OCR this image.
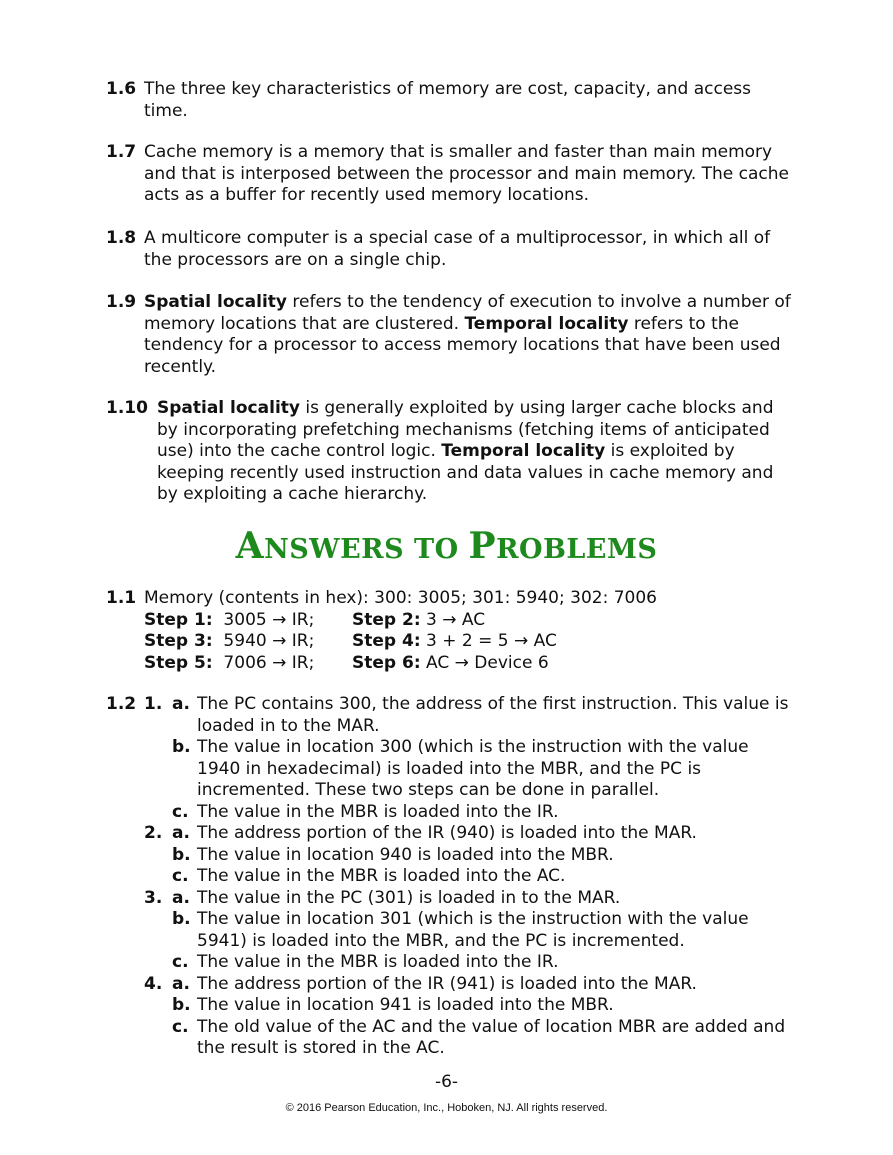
1.6 The three key characteristics of memory are cost, capacity, and access time.
1.7 Cache memory is a memory that is smaller and faster than main memory and that is interposed between the processor and main memory. The cache acts as a buffer for recently used memory locations.
1.8 A multicore computer is a special case of a multiprocessor, in which all of the processors are on a single chip.
1.9 Spatial locality refers to the tendency of execution to involve a number of memory locations that are clustered. Temporal locality refers to the tendency for a processor to access memory locations that have been used recently.
1.10 Spatial locality is generally exploited by using larger cache blocks and by incorporating prefetching mechanisms (fetching items of anticipated use) into the cache control logic. Temporal locality is exploited by keeping recently used instruction and data values in cache memory and by exploiting a cache hierarchy.
ANSWERS TO PROBLEMS
1.1 Memory (contents in hex): 300: 3005; 301: 5940; 302: 7006
Step 1:  3005 → IR; Step 2: 3 → AC
Step 3:  5940 → IR; Step 4: 3 + 2 = 5 → AC
Step 5:  7006 → IR; Step 6: AC → Device 6
1.2 1. a. The PC contains 300, the address of the first instruction. This value is loaded in to the MAR.
b. The value in location 300 (which is the instruction with the value 1940 in hexadecimal) is loaded into the MBR, and the PC is incremented. These two steps can be done in parallel.
c. The value in the MBR is loaded into the IR.
2. a. The address portion of the IR (940) is loaded into the MAR.
b. The value in location 940 is loaded into the MBR.
c. The value in the MBR is loaded into the AC.
3. a. The value in the PC (301) is loaded in to the MAR.
b. The value in location 301 (which is the instruction with the value 5941) is loaded into the MBR, and the PC is incremented.
c. The value in the MBR is loaded into the IR.
4. a. The address portion of the IR (941) is loaded into the MAR.
b. The value in location 941 is loaded into the MBR.
c. The old value of the AC and the value of location MBR are added and the result is stored in the AC.
-6-
© 2016 Pearson Education, Inc., Hoboken, NJ. All rights reserved.
